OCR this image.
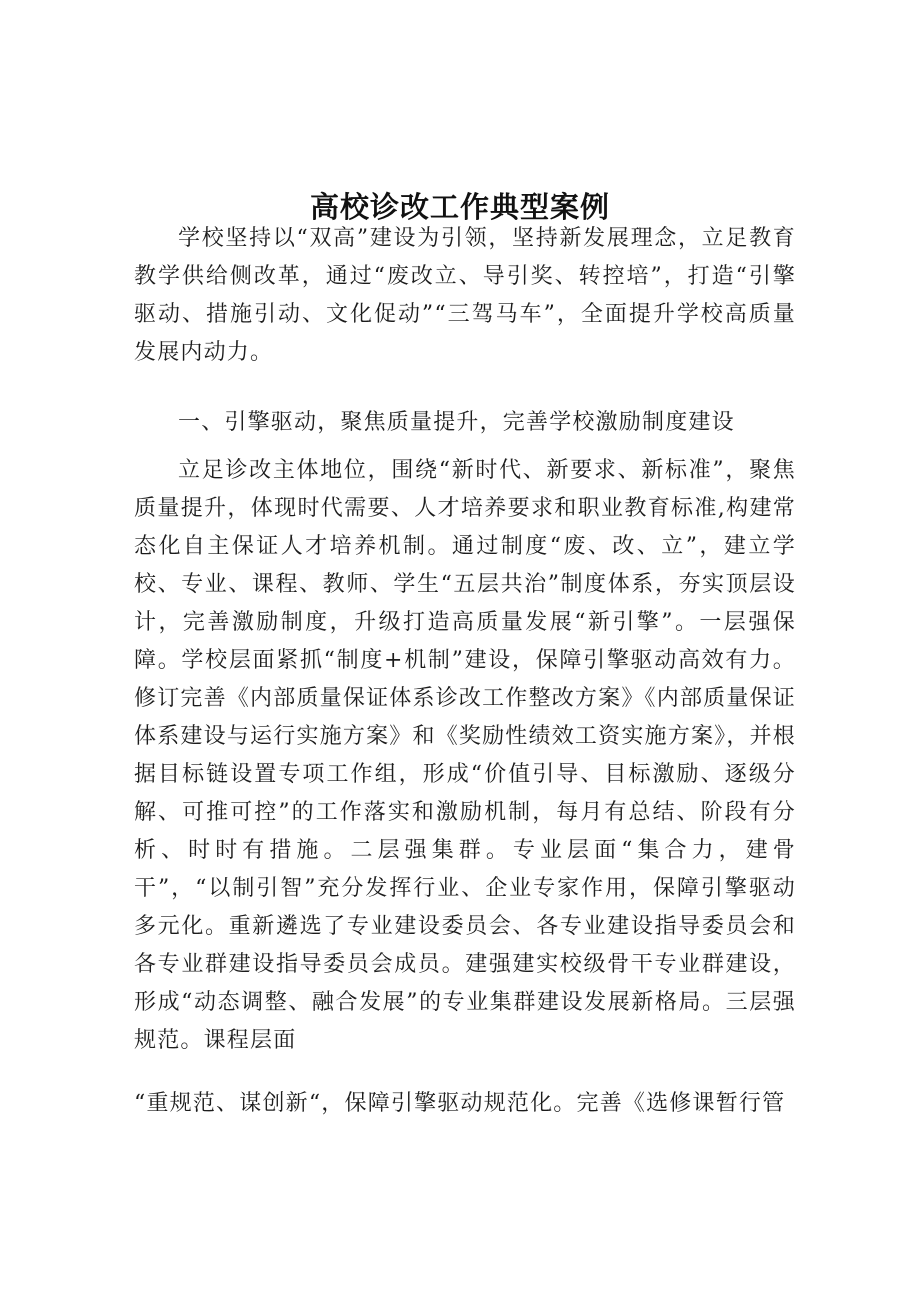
高校诊改工作典型案例

学校坚持以“双高”建设为引领，坚持新发展理念，立足教育教学供给侧改革，通过“废改立、导引奖、转控培”，打造“引擎驱动、措施引动、文化促动”“三驾马车”，全面提升学校高质量发展内动力。

一、引擎驱动，聚焦质量提升，完善学校激励制度建设

立足诊改主体地位，围绕“新时代、新要求、新标准”，聚焦质量提升，体现时代需要、人才培养要求和职业教育标准,构建常态化自主保证人才培养机制。通过制度“废、改、立”，建立学校、专业、课程、教师、学生“五层共治”制度体系，夯实顶层设计，完善激励制度，升级打造高质量发展“新引擎”。一层强保障。学校层面紧抓“制度+机制”建设，保障引擎驱动高效有力。修订完善《内部质量保证体系诊改工作整改方案》《内部质量保证体系建设与运行实施方案》和《奖励性绩效工资实施方案》，并根据目标链设置专项工作组，形成“价值引导、目标激励、逐级分解、可推可控”的工作落实和激励机制，每月有总结、阶段有分析、时时有措施。二层强集群。专业层面“集合力，建骨干”，“以制引智”充分发挥行业、企业专家作用，保障引擎驱动多元化。重新遴选了专业建设委员会、各专业建设指导委员会和各专业群建设指导委员会成员。建强建实校级骨干专业群建设，形成“动态调整、融合发展”的专业集群建设发展新格局。三层强规范。课程层面

“重规范、谋创新“，保障引擎驱动规范化。完善《选修课暂行管
